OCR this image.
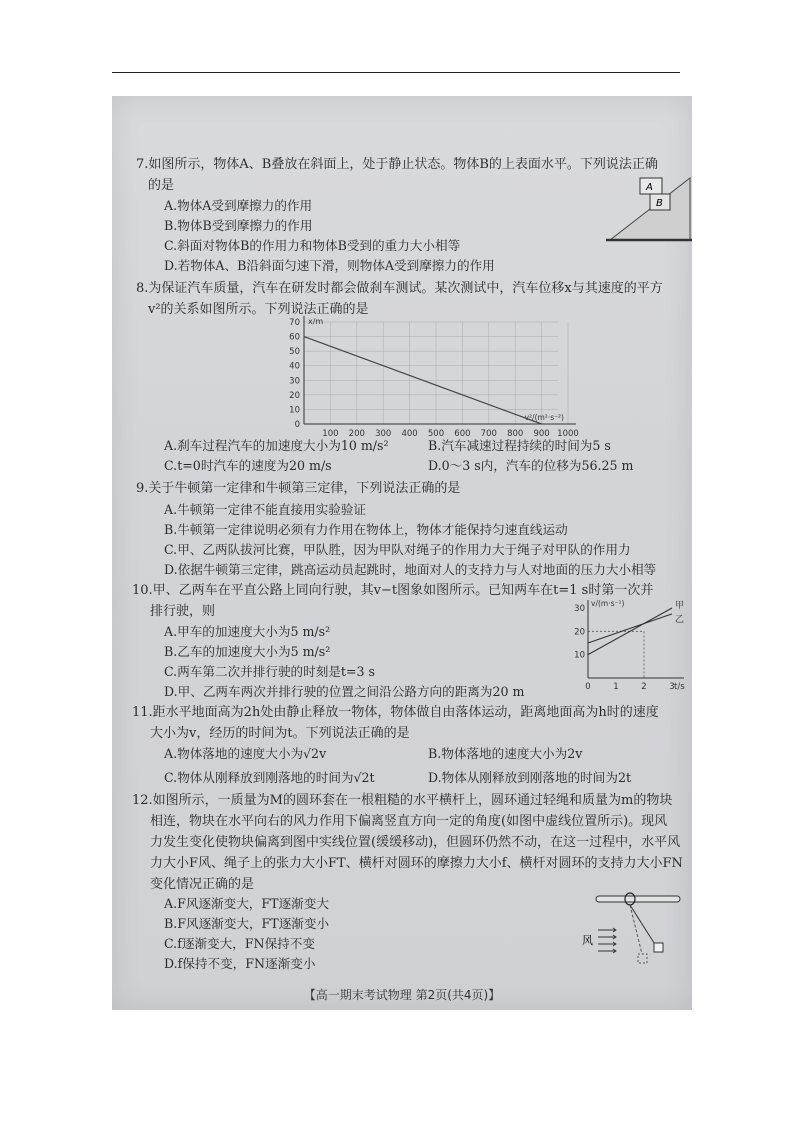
7.如图所示，物体A、B叠放在斜面上，处于静止状态。物体B的上表面水平。下列说法正确
的是
A.物体A受到摩擦力的作用
B.物体B受到摩擦力的作用
C.斜面对物体B的作用力和物体B受到的重力大小相等
D.若物体A、B沿斜面匀速下滑，则物体A受到摩擦力的作用
A
B
8.为保证汽车质量，汽车在研发时都会做刹车测试。某次测试中，汽车位移x与其速度的平方
v²的关系如图所示。下列说法正确的是
100 200 300 400 500 600 700 800 900 1000
0
10
20
30
40
50
60
70 x/m
v²/(m²·s⁻²)
A.刹车过程汽车的加速度大小为10 m/s²
C.t=0时汽车的速度为20 m/s
B.汽车减速过程持续的时间为5 s
D.0～3 s内，汽车的位移为56.25 m
9.关于牛顿第一定律和牛顿第三定律，下列说法正确的是
A.牛顿第一定律不能直接用实验验证
B.牛顿第一定律说明必须有力作用在物体上，物体才能保持匀速直线运动
C.甲、乙两队拔河比赛，甲队胜，因为甲队对绳子的作用力大于绳子对甲队的作用力
D.依据牛顿第三定律，跳高运动员起跳时，地面对人的支持力与人对地面的压力大小相等
10.甲、乙两车在平直公路上同向行驶，其v−t图象如图所示。已知两车在t=1 s时第一次并
排行驶，则
A.甲车的加速度大小为5 m/s²
B.乙车的加速度大小为5 m/s²
C.两车第二次并排行驶的时刻是t=3 s
D.甲、乙两车两次并排行驶的位置之间沿公路方向的距离为20 m	0	1	2	3
10
20
30
v/(m·s⁻¹)
t/s
甲
乙
11.距水平地面高为2h处由静止释放一物体，物体做自由落体运动，距离地面高为h时的速度
大小为v，经历的时间为t。下列说法正确的是
A.物体落地的速度大小为√2v
C.物体从刚释放到刚落地的时间为√2t
B.物体落地的速度大小为2v
D.物体从刚释放到刚落地的时间为2t
12.如图所示，一质量为M的圆环套在一根粗糙的水平横杆上，圆环通过轻绳和质量为m的物块
相连，物块在水平向右的风力作用下偏离竖直方向一定的角度(如图中虚线位置所示)。现风
力发生变化使物块偏离到图中实线位置(缓缓移动)，但圆环仍然不动，在这一过程中，水平风
力大小F风、绳子上的张力大小FT、横杆对圆环的摩擦力大小f、横杆对圆环的支持力大小FN
变化情况正确的是
A.F风逐渐变大，FT逐渐变大
B.F风逐渐变大，FT逐渐变小
C.f逐渐变大，FN保持不变
D.f保持不变，FN逐渐变小
风
【高一期末考试物理 第2页(共4页)】
